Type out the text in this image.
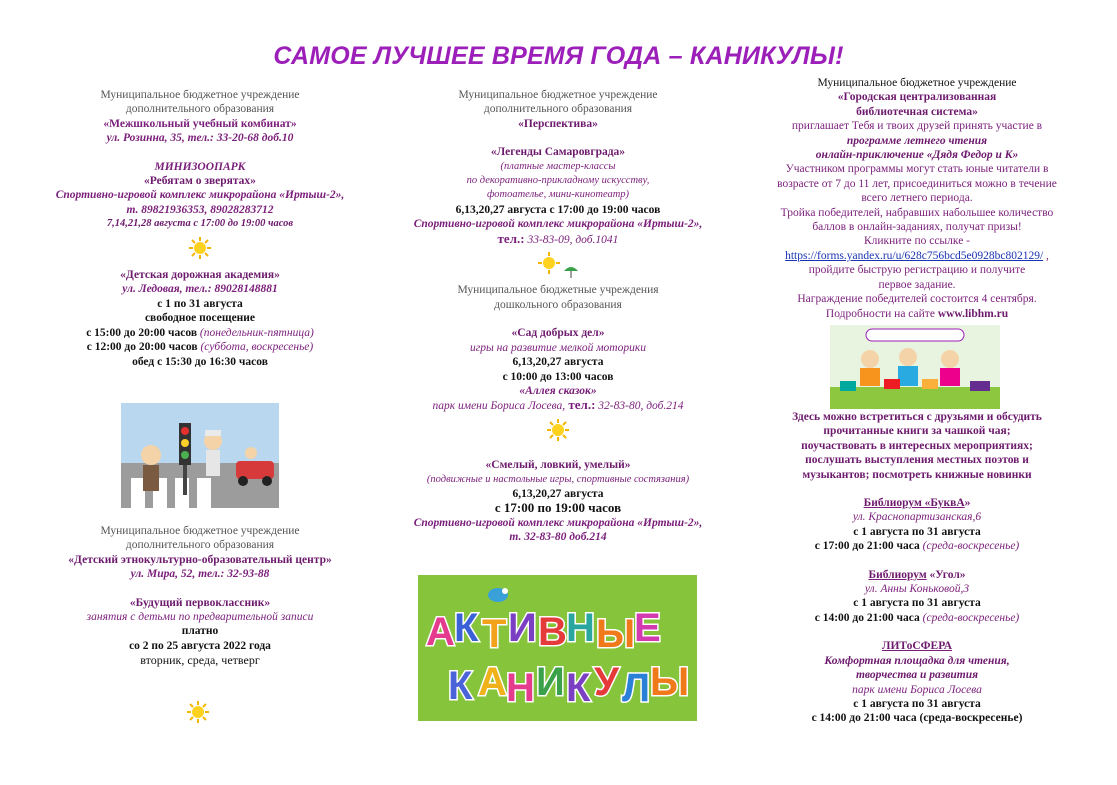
САМОЕ ЛУЧШЕЕ ВРЕМЯ ГОДА – КАНИКУЛЫ!

Муниципальное бюджетное учреждение

дополнительного образования

«Межшкольный учебный комбинат»

ул. Розинна, 35, тел.: 33-20-68 доб.10

МИНИЗООПАРК

«Ребятам о зверятах»

Спортивно-игровой комплекс микрорайона «Иртыш-2»,

т. 89821936353, 89028283712

7,14,21,28 августа с 17:00 до 19:00 часов

«Детская дорожная академия»

ул. Ледовая, тел.: 89028148881

с 1 по 31 августа

свободное посещение

с 15:00 до 20:00 часов (понедельник-пятница)

с 12:00 до 20:00 часов (суббота, воскресенье)

обед с 15:30 до 16:30 часов

Муниципальное бюджетное учреждение

дополнительного образования

«Детский этнокультурно-образовательный центр»

ул. Мира, 52, тел.: 32-93-88

«Будущий первоклассник»

занятия с детьми по предварительной записи

платно

со 2 по 25 августа 2022 года

вторник, среда, четверг

Муниципальное бюджетное учреждение

дополнительного образования

«Перспектива»

«Легенды Самаровграда»

(платные мастер-классы

по декоративно-прикладному искусству,

фотоателье, мини-кинотеатр)

6,13,20,27 августа с 17:00 до 19:00 часов

Спортивно-игровой комплекс микрорайона «Иртыш-2»,

тел.: 33-83-09, доб.1041

Муниципальное бюджетные учреждения

дошкольного образования

«Сад добрых дел»

игры на развитие мелкой моторики

6,13,20,27 августа

с 10:00 до 13:00 часов

«Аллея сказок»

парк имени Бориса Лосева, тел.: 32-83-80, доб.214

«Смелый, ловкий, умелый»

(подвижные и настольные игры, спортивные состязания)

6,13,20,27 августа

с 17:00 по 19:00 часов

Спортивно-игровой комплекс микрорайона «Иртыш-2»,

т. 32-83-80 доб.214

А К Т И В Н Ы
Е
К А Н И К У Л Ы

Муниципальное бюджетное учреждение

«Городская централизованная

библиотечная система»

приглашает Тебя и твоих друзей принять участие в

программе летнего чтения

онлайн-приключение «Дядя Федор и К»

Участником программы могут стать юные читатели в

возрасте от 7 до 11 лет, присоединиться можно в течение

всего летнего периода.

Тройка победителей, набравших набольшее количество

баллов в онлайн-заданиях, получат призы!

Кликните по ссылке -

https://forms.yandex.ru/u/628c756bcd5e0928bc802129/ ,

пройдите быструю регистрацию и получите

первое задание.

Награждение победителей состоится 4 сентября.

Подробности на сайте www.libhm.ru

Здесь можно встретиться с друзьями и обсудить

прочитанные книги за чашкой чая;

поучаствовать в интересных мероприятиях;

послушать выступления местных поэтов и

музыкантов; посмотреть книжные новинки

Библиорум «БуквА»

ул. Краснопартизанская,6

с 1 августа по 31 августа

с 17:00 до 21:00 часа (среда-воскресенье)

Библиорум «Угол»

ул. Анны Коньковой,3

с 1 августа по 31 августа

с 14:00 до 21:00 часа (среда-воскресенье)

ЛИТоСФЕРА

Комфортная площадка для чтения,

творчества и развития

парк имени Бориса Лосева

с 1 августа по 31 августа

с 14:00 до 21:00 часа (среда-воскресенье)
